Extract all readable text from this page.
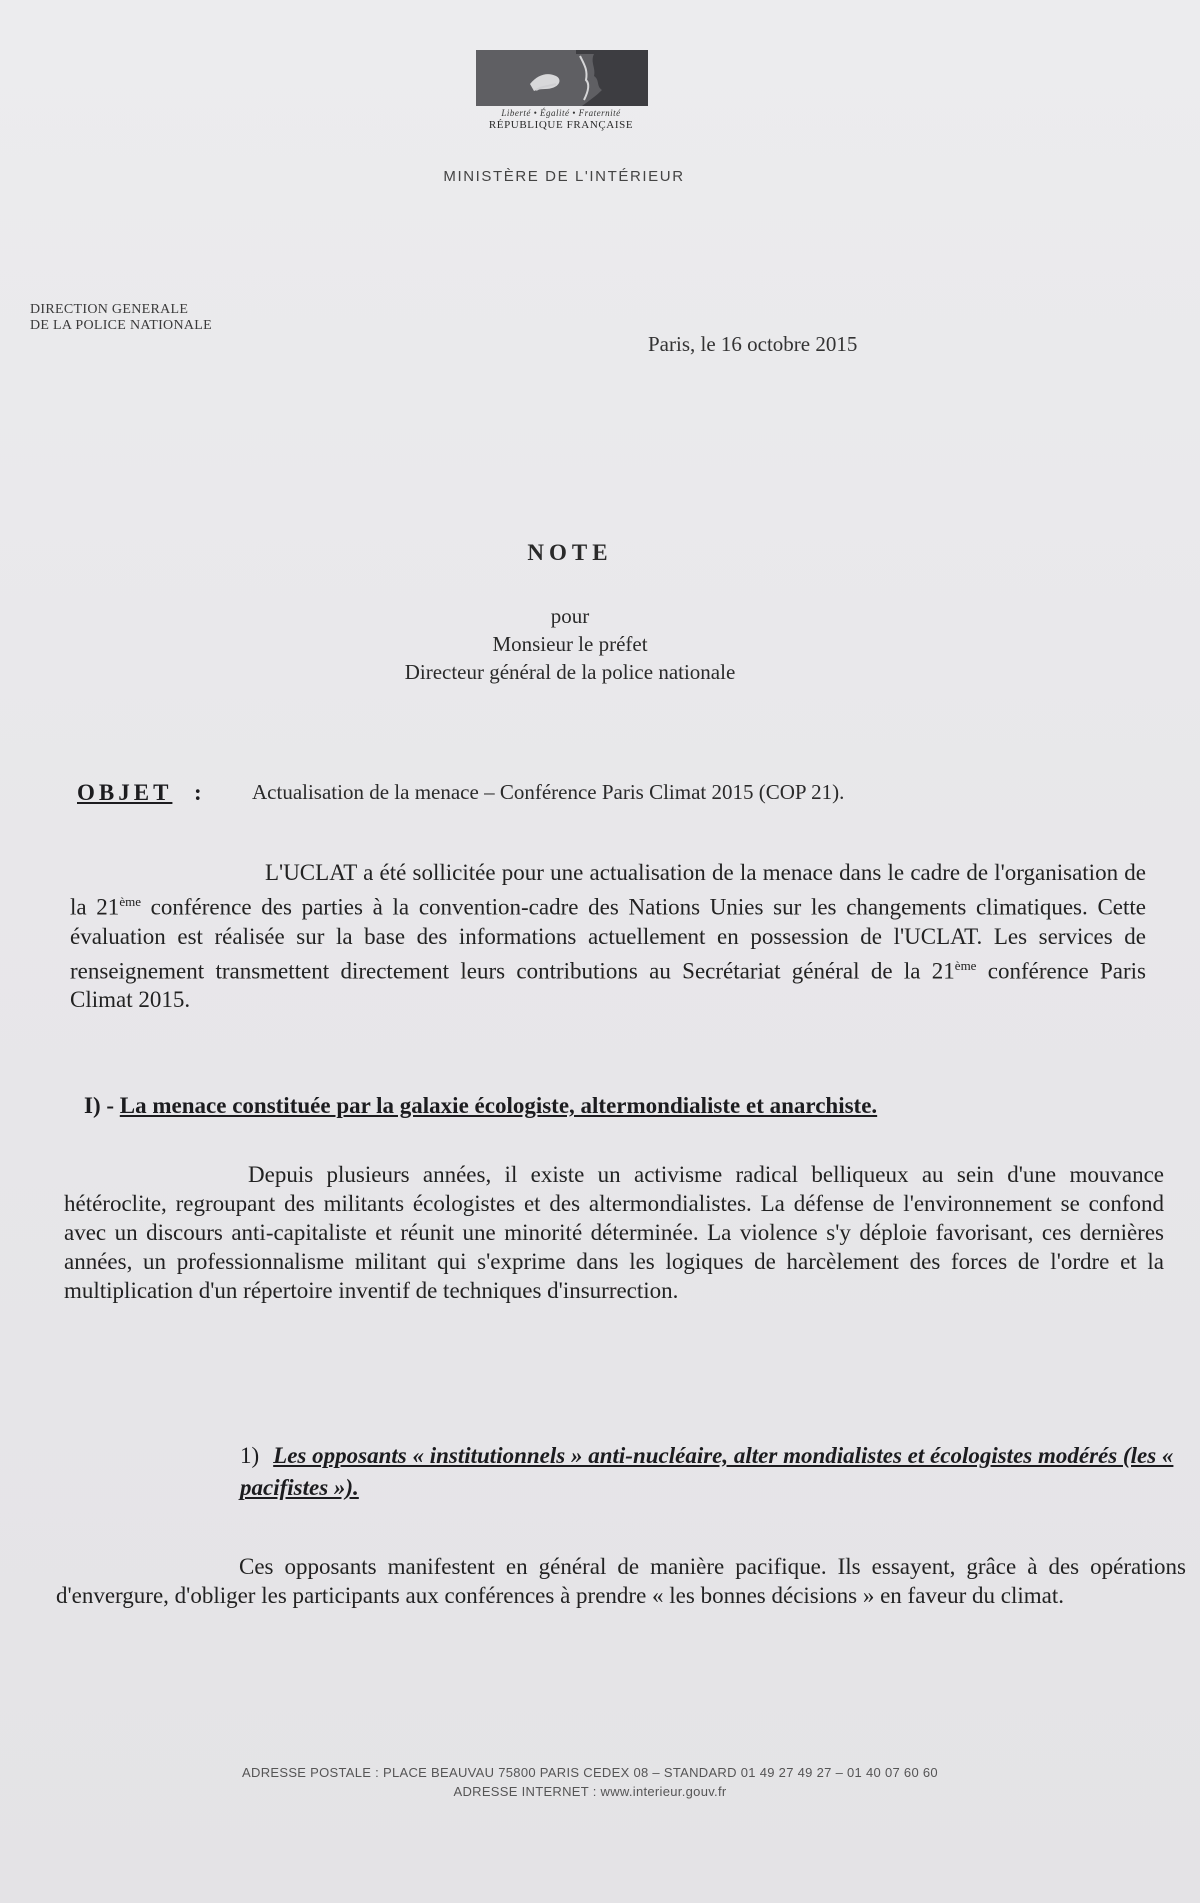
Liberté • Égalité • Fraternité
RÉPUBLIQUE FRANÇAISE
MINISTÈRE DE L'INTÉRIEUR
DIRECTION GENERALE
DE LA POLICE NATIONALE
Paris, le 16 octobre 2015
NOTE
pour
Monsieur le préfet
Directeur général de la police nationale
OBJET : Actualisation de la menace – Conférence Paris Climat 2015 (COP 21).
L'UCLAT a été sollicitée pour une actualisation de la menace dans le cadre de l'organisation de la 21ème conférence des parties à la convention-cadre des Nations Unies sur les changements climatiques. Cette évaluation est réalisée sur la base des informations actuellement en possession de l'UCLAT. Les services de renseignement transmettent directement leurs contributions au Secrétariat général de la 21ème conférence Paris Climat 2015.
I) - La menace constituée par la galaxie écologiste, altermondialiste et anarchiste.
Depuis plusieurs années, il existe un activisme radical belliqueux au sein d'une mouvance hétéroclite, regroupant des militants écologistes et des altermondialistes. La défense de l'environnement se confond avec un discours anti-capitaliste et réunit une minorité déterminée. La violence s'y déploie favorisant, ces dernières années, un professionnalisme militant qui s'exprime dans les logiques de harcèlement des forces de l'ordre et la multiplication d'un répertoire inventif de techniques d'insurrection.
1) Les opposants « institutionnels » anti-nucléaire, alter mondialistes et écologistes modérés (les « pacifistes »).
Ces opposants manifestent en général de manière pacifique. Ils essayent, grâce à des opérations d'envergure, d'obliger les participants aux conférences à prendre « les bonnes décisions » en faveur du climat.
ADRESSE POSTALE : PLACE BEAUVAU 75800 PARIS CEDEX 08 – STANDARD 01 49 27 49 27 – 01 40 07 60 60
ADRESSE INTERNET : www.interieur.gouv.fr
